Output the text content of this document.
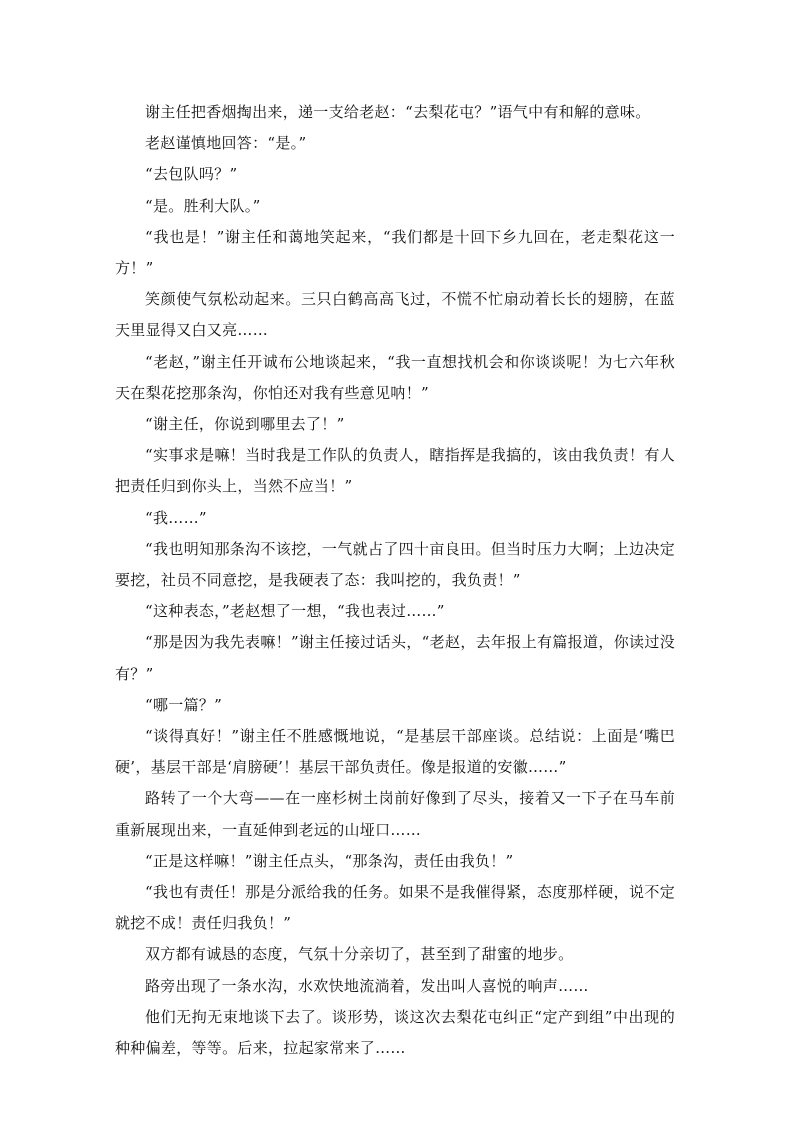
谢主任把香烟掏出来，递一支给老赵：“去梨花屯？”语气中有和解的意味。

老赵谨慎地回答：“是。”

“去包队吗？”

“是。胜利大队。”

“我也是！”谢主任和蔼地笑起来，“我们都是十回下乡九回在，老走梨花这一方！”

笑颜使气氛松动起来。三只白鹤高高飞过，不慌不忙扇动着长长的翅膀，在蓝天里显得又白又亮……

“老赵，”谢主任开诚布公地谈起来，“我一直想找机会和你谈谈呢！为七六年秋天在梨花挖那条沟，你怕还对我有些意见呐！”

“谢主任，你说到哪里去了！”

“实事求是嘛！当时我是工作队的负责人，瞎指挥是我搞的，该由我负责！有人把责任归到你头上，当然不应当！”

“我……”

“我也明知那条沟不该挖，一气就占了四十亩良田。但当时压力大啊；上边决定要挖，社员不同意挖，是我硬表了态：我叫挖的，我负责！”

“这种表态，”老赵想了一想，“我也表过……”

“那是因为我先表嘛！”谢主任接过话头，“老赵，去年报上有篇报道，你读过没有？”

“哪一篇？”

“谈得真好！”谢主任不胜感慨地说，“是基层干部座谈。总结说：上面是‘嘴巴硬’，基层干部是‘肩膀硬’！基层干部负责任。像是报道的安徽……”

路转了一个大弯——在一座杉树土岗前好像到了尽头，接着又一下子在马车前重新展现出来，一直延伸到老远的山垭口……

“正是这样嘛！”谢主任点头，“那条沟，责任由我负！”

“我也有责任！那是分派给我的任务。如果不是我催得紧，态度那样硬，说不定就挖不成！责任归我负！”

双方都有诚恳的态度，气氛十分亲切了，甚至到了甜蜜的地步。

路旁出现了一条水沟，水欢快地流淌着，发出叫人喜悦的响声……

他们无拘无束地谈下去了。谈形势，谈这次去梨花屯纠正“定产到组”中出现的种种偏差，等等。后来，拉起家常来了……
